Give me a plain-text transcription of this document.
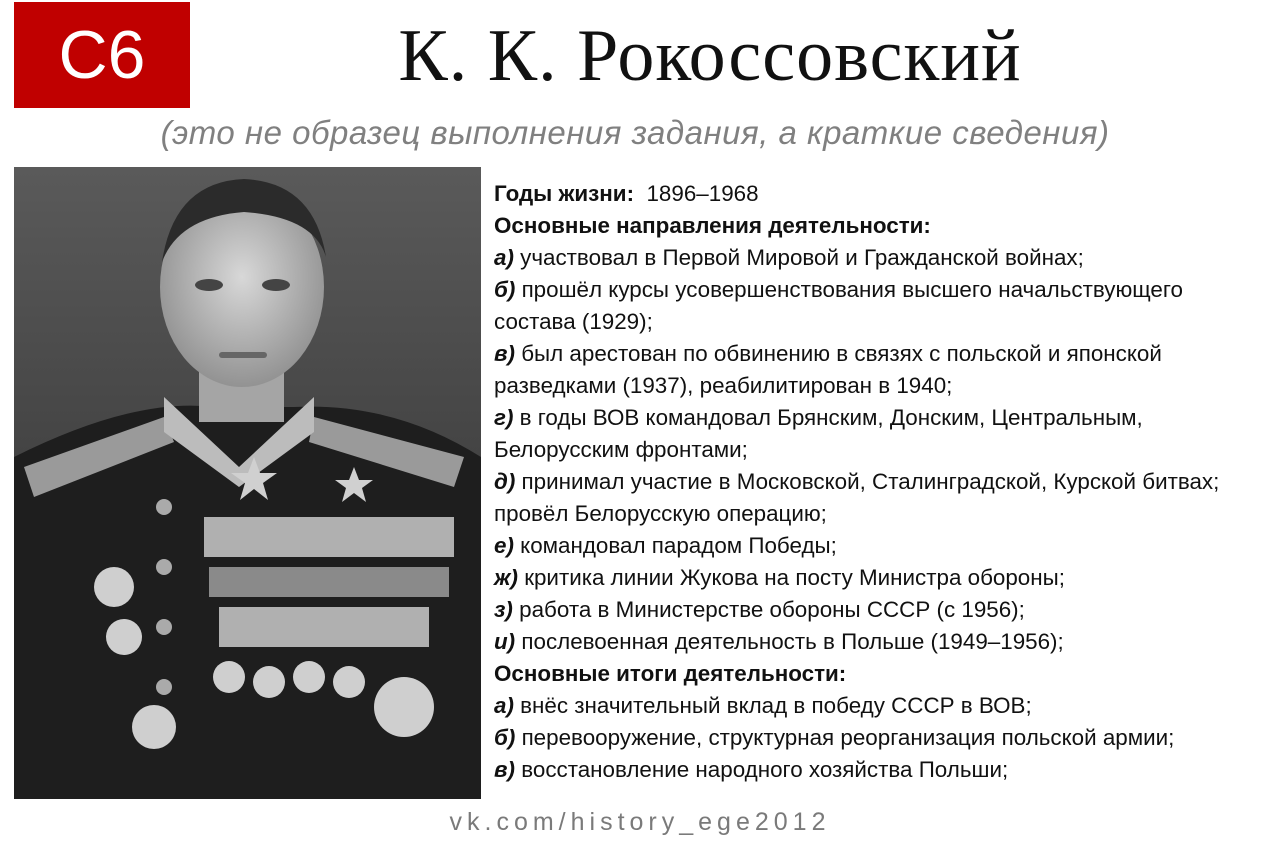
С6	К. К. Рокоссовский
(это не образец выполнения задания, а краткие сведения)

Годы жизни: 1896–1968

Основные направления деятельности:

а) участвовал в Первой Мировой и Гражданской войнах;

б) прошёл курсы усовершенствования высшего начальствующего состава (1929);

в) был арестован по обвинению в связях с польской и японской разведками (1937), реабилитирован в 1940;

г) в годы ВОВ командовал Брянским, Донским, Центральным, Белорусским фронтами;

д) принимал участие в Московской, Сталинградской, Курской битвах; провёл Белорусскую операцию;

е) командовал парадом Победы;

ж) критика линии Жукова на посту Министра обороны;

з) работа в Министерстве обороны СССР (с 1956);

и) послевоенная деятельность в Польше (1949–1956);

Основные итоги деятельности:

а) внёс значительный вклад в победу СССР в ВОВ;

б) перевооружение, структурная реорганизация польской армии;

в) восстановление народного хозяйства Польши;

vk.com/history_ege2012
